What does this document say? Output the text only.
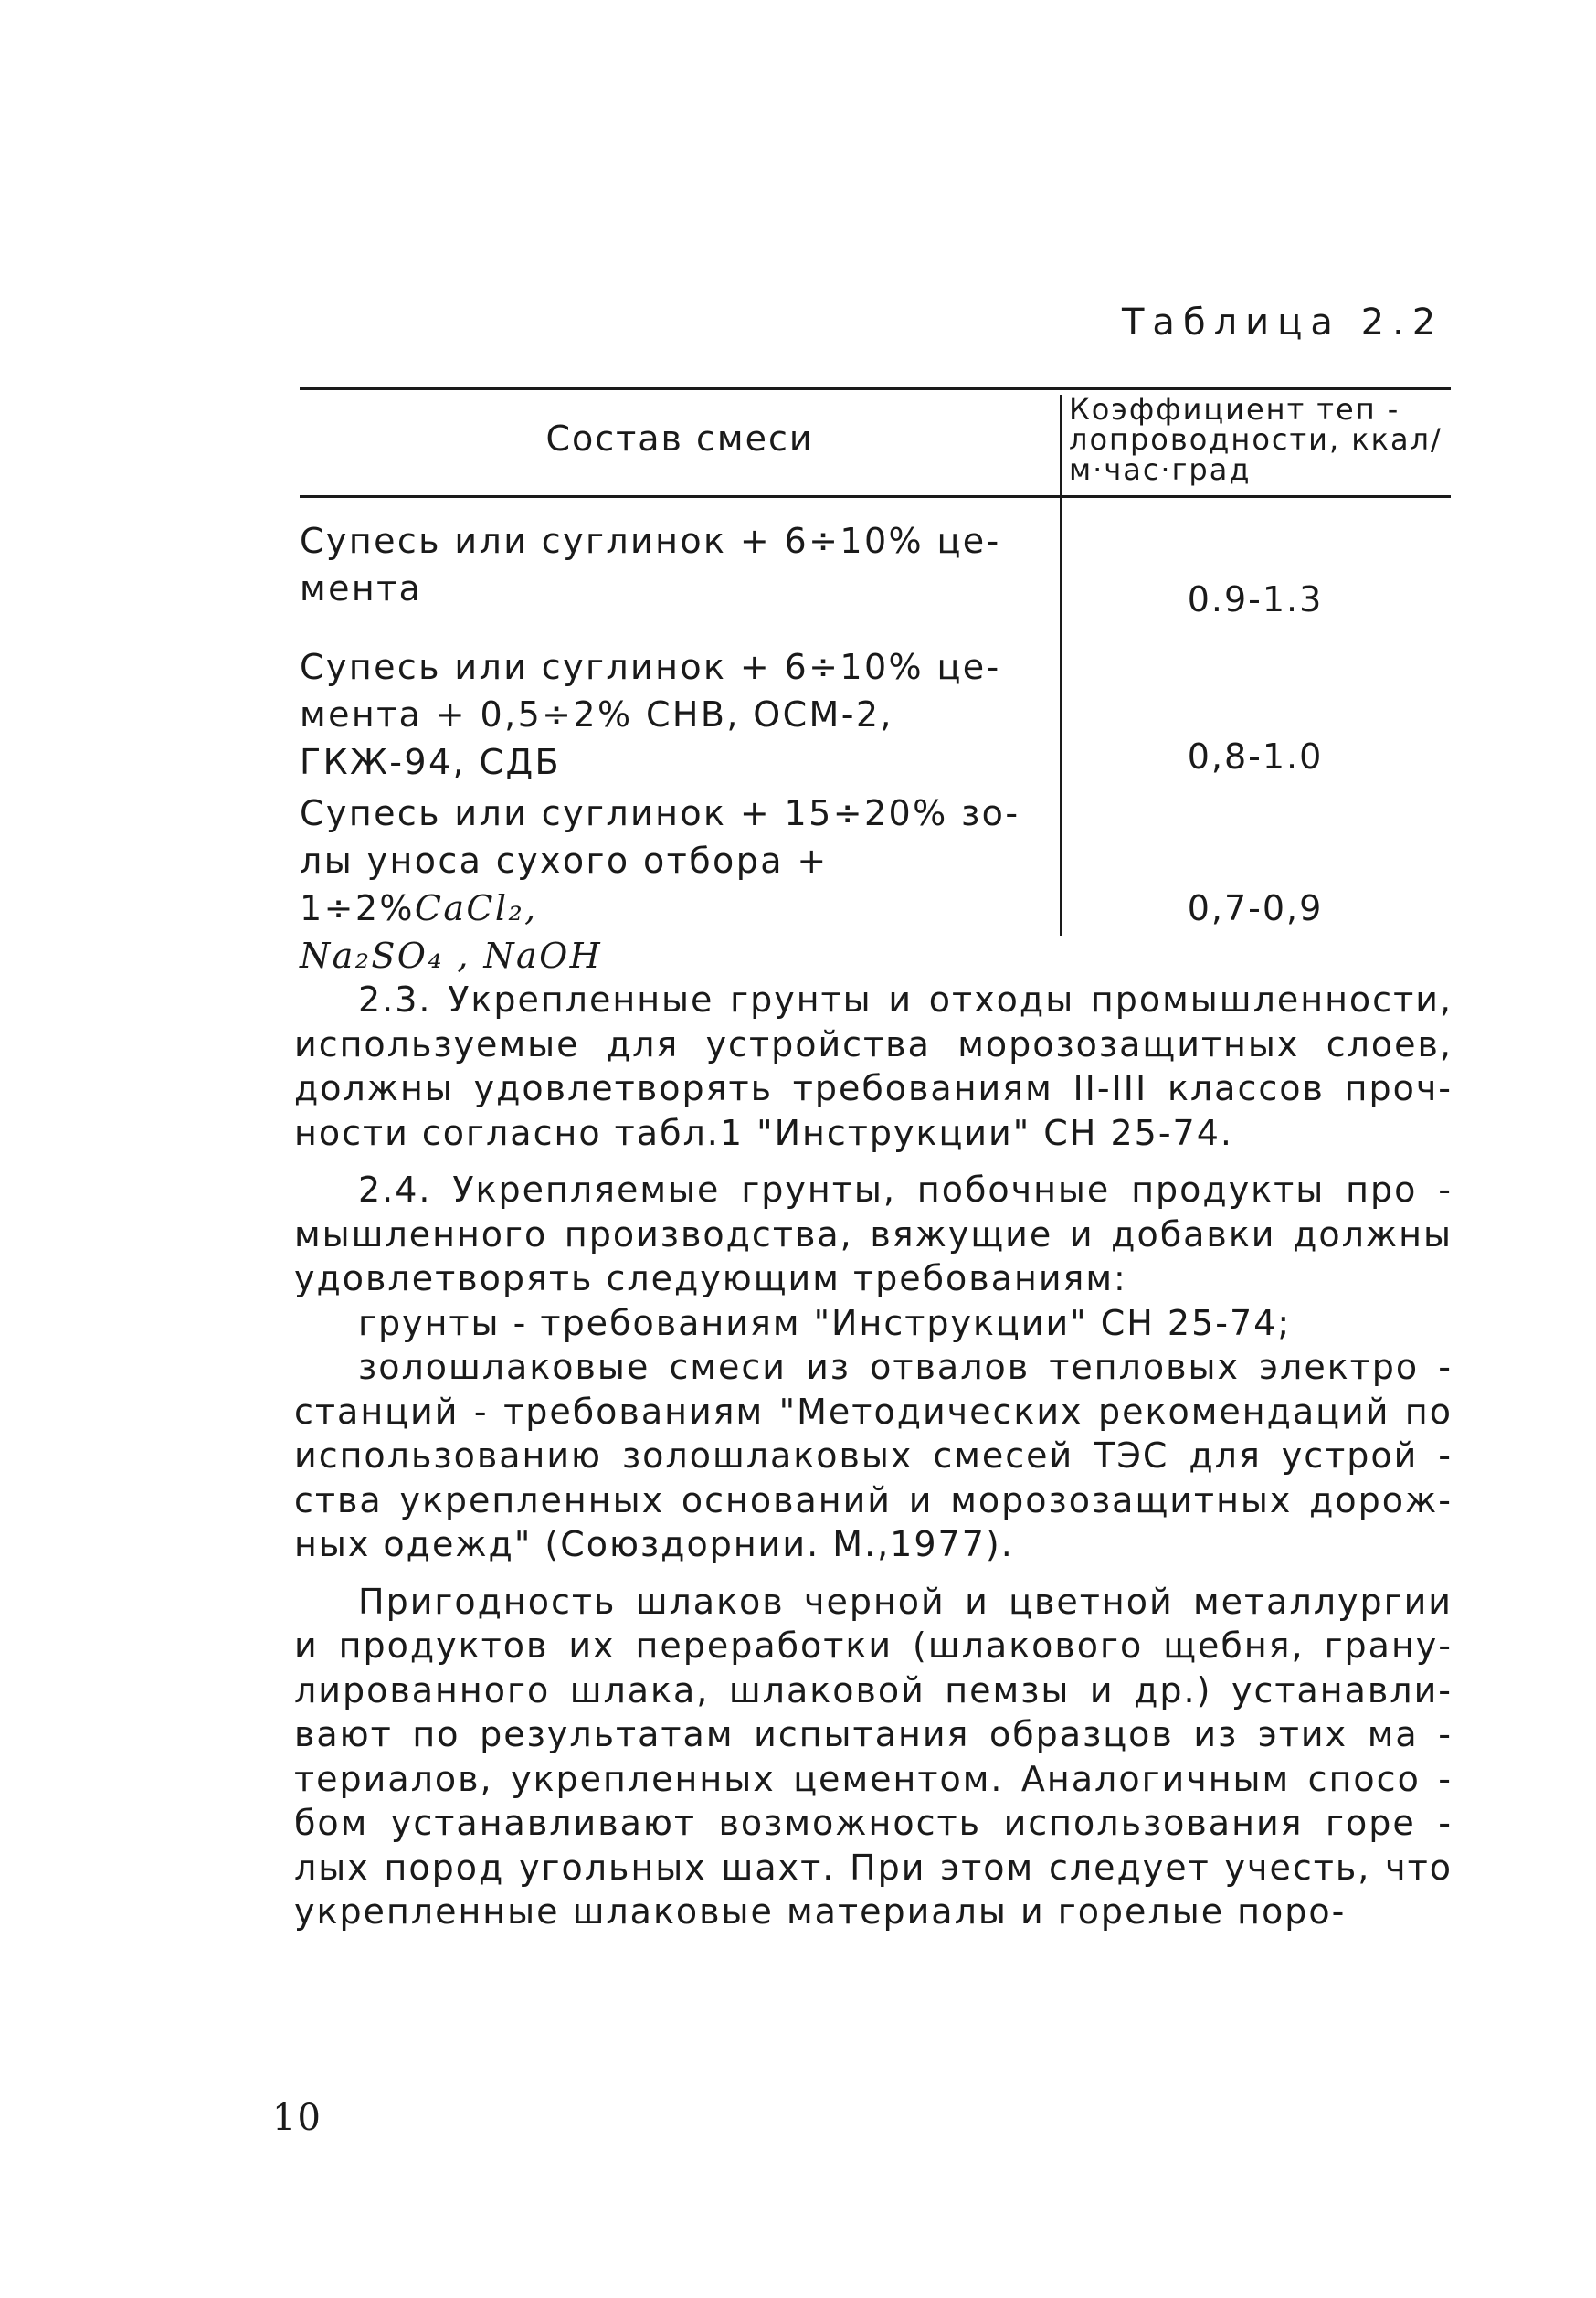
Таблица 2.2
Состав смеси
Коэффициент теп - лопроводности, ккал/м·час·град
Супесь или суглинок + 6÷10% це- мента	0.9-1.3
Супесь или суглинок + 6÷10% це- мента + 0,5÷2% СНВ, ОСМ-2, ГКЖ-94, СДБ	0,8-1.0
Супесь или суглинок + 15÷20% зо- лы уноса сухого отбора + 1÷2%CaCl₂,
Na₂SO₄ , NaOH
0,7-0,9

2.3. Укрепленные грунты и отходы промышленности, используемые для устройства морозозащитных слоев, должны удовлетворять требованиям II-III классов проч- ности согласно табл.1 "Инструкции" СН 25-74.

2.4. Укрепляемые грунты, побочные продукты про - мышленного производства, вяжущие и добавки должны удовлетворять следующим требованиям:

грунты - требованиям "Инструкции" СН 25-74;

золошлаковые смеси из отвалов тепловых электро - станций - требованиям "Методических рекомендаций по использованию золошлаковых смесей ТЭС для устрой - ства укрепленных оснований и морозозащитных дорож- ных одежд" (Союздорнии. М.,1977).

Пригодность шлаков черной и цветной металлургии и продуктов их переработки (шлакового щебня, грану- лированного шлака, шлаковой пемзы и др.) устанавли- вают по результатам испытания образцов из этих ма - териалов, укрепленных цементом. Аналогичным спосо - бом устанавливают возможность использования горе - лых пород угольных шахт. При этом следует учесть, что укрепленные шлаковые материалы и горелые поро-

10
